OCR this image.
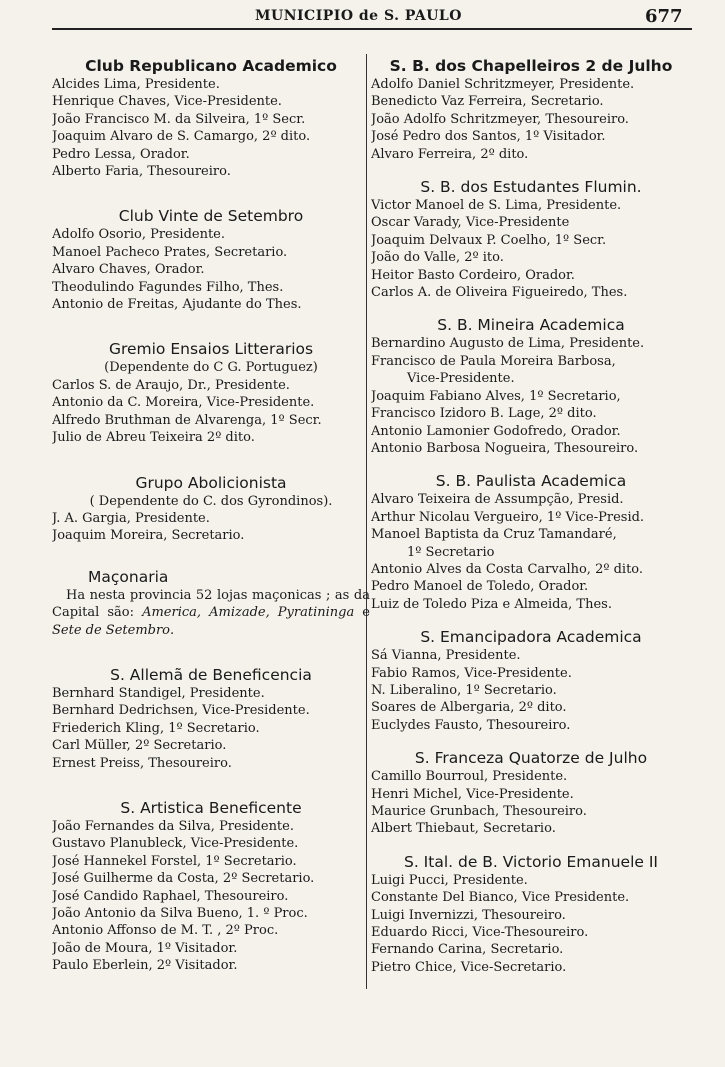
MUNICIPIO de S. PAULO	677
Club Republicano Academico
Alcides Lima, Presidente.
Henrique Chaves, Vice-Presidente.
João Francisco M. da Silveira, 1º Secr.
Joaquim Alvaro de S. Camargo, 2º dito.
Pedro Lessa, Orador.
Alberto Faria, Thesoureiro.
Club Vinte de Setembro
Adolfo Osorio, Presidente.
Manoel Pacheco Prates, Secretario.
Alvaro Chaves, Orador.
Theodulindo Fagundes Filho, Thes.
Antonio de Freitas, Ajudante do Thes.
Gremio Ensaios Litterarios
(Dependente do C G. Portuguez)
Carlos S. de Araujo, Dr., Presidente.
Antonio da C. Moreira, Vice-Presidente.
Alfredo Bruthman de Alvarenga, 1º Secr.
Julio de Abreu Teixeira 2º dito.
Grupo Abolicionista
( Dependente do C. dos Gyrondinos).
J. A. Gargia, Presidente.
Joaquim Moreira, Secretario.
Maçonaria
Ha nesta provincia 52 lojas maçonicas ; as da Capital são: America, Amizade, Pyratininga e Sete de Setembro.
S. Allemã de Beneficencia
Bernhard Standigel, Presidente.
Bernhard Dedrichsen, Vice-Presidente.
Friederich Kling, 1º Secretario.
Carl Müller, 2º Secretario.
Ernest Preiss, Thesoureiro.
S. Artistica Beneficente
João Fernandes da Silva, Presidente.
Gustavo Planubleck, Vice-Presidente.
José Hannekel Forstel, 1º Secretario.
José Guilherme da Costa, 2º Secretario.
José Candido Raphael, Thesoureiro.
João Antonio da Silva Bueno, 1. º Proc.
Antonio Affonso de M. T. , 2º Proc.
João de Moura, 1º Visitador.
Paulo Eberlein, 2º Visitador.
S. B. dos Chapelleiros 2 de Julho
Adolfo Daniel Schritzmeyer, Presidente.
Benedicto Vaz Ferreira, Secretario.
João Adolfo Schritzmeyer, Thesoureiro.
José Pedro dos Santos, 1º Visitador.
Alvaro Ferreira, 2º dito.
S. B. dos Estudantes Flumin.
Victor Manoel de S. Lima, Presidente.
Oscar Varady, Vice-Presidente
Joaquim Delvaux P. Coelho, 1º Secr.
João do Valle, 2º ito.
Heitor Basto Cordeiro, Orador.
Carlos A. de Oliveira Figueiredo, Thes.
S. B. Mineira Academica
Bernardino Augusto de Lima, Presidente.
Francisco de Paula Moreira Barbosa,
Vice-Presidente.
Joaquim Fabiano Alves, 1º Secretario,
Francisco Izidoro B. Lage, 2º dito.
Antonio Lamonier Godofredo, Orador.
Antonio Barbosa Nogueira, Thesoureiro.
S. B. Paulista Academica
Alvaro Teixeira de Assumpção, Presid.
Arthur Nicolau Vergueiro, 1º Vice-Presid.
Manoel Baptista da Cruz Tamandaré,
1º Secretario
Antonio Alves da Costa Carvalho, 2º dito.
Pedro Manoel de Toledo, Orador.
Luiz de Toledo Piza e Almeida, Thes.
S. Emancipadora Academica
Sá Vianna, Presidente.
Fabio Ramos, Vice-Presidente.
N. Liberalino, 1º Secretario.
Soares de Albergaria, 2º dito.
Euclydes Fausto, Thesoureiro.
S. Franceza Quatorze de Julho
Camillo Bourroul, Presidente.
Henri Michel, Vice-Presidente.
Maurice Grunbach, Thesoureiro.
Albert Thiebaut, Secretario.
S. Ital. de B. Victorio Emanuele II
Luigi Pucci, Presidente.
Constante Del Bianco, Vice Presidente.
Luigi Invernizzi, Thesoureiro.
Eduardo Ricci, Vice-Thesoureiro.
Fernando Carina, Secretario.
Pietro Chice, Vice-Secretario.
